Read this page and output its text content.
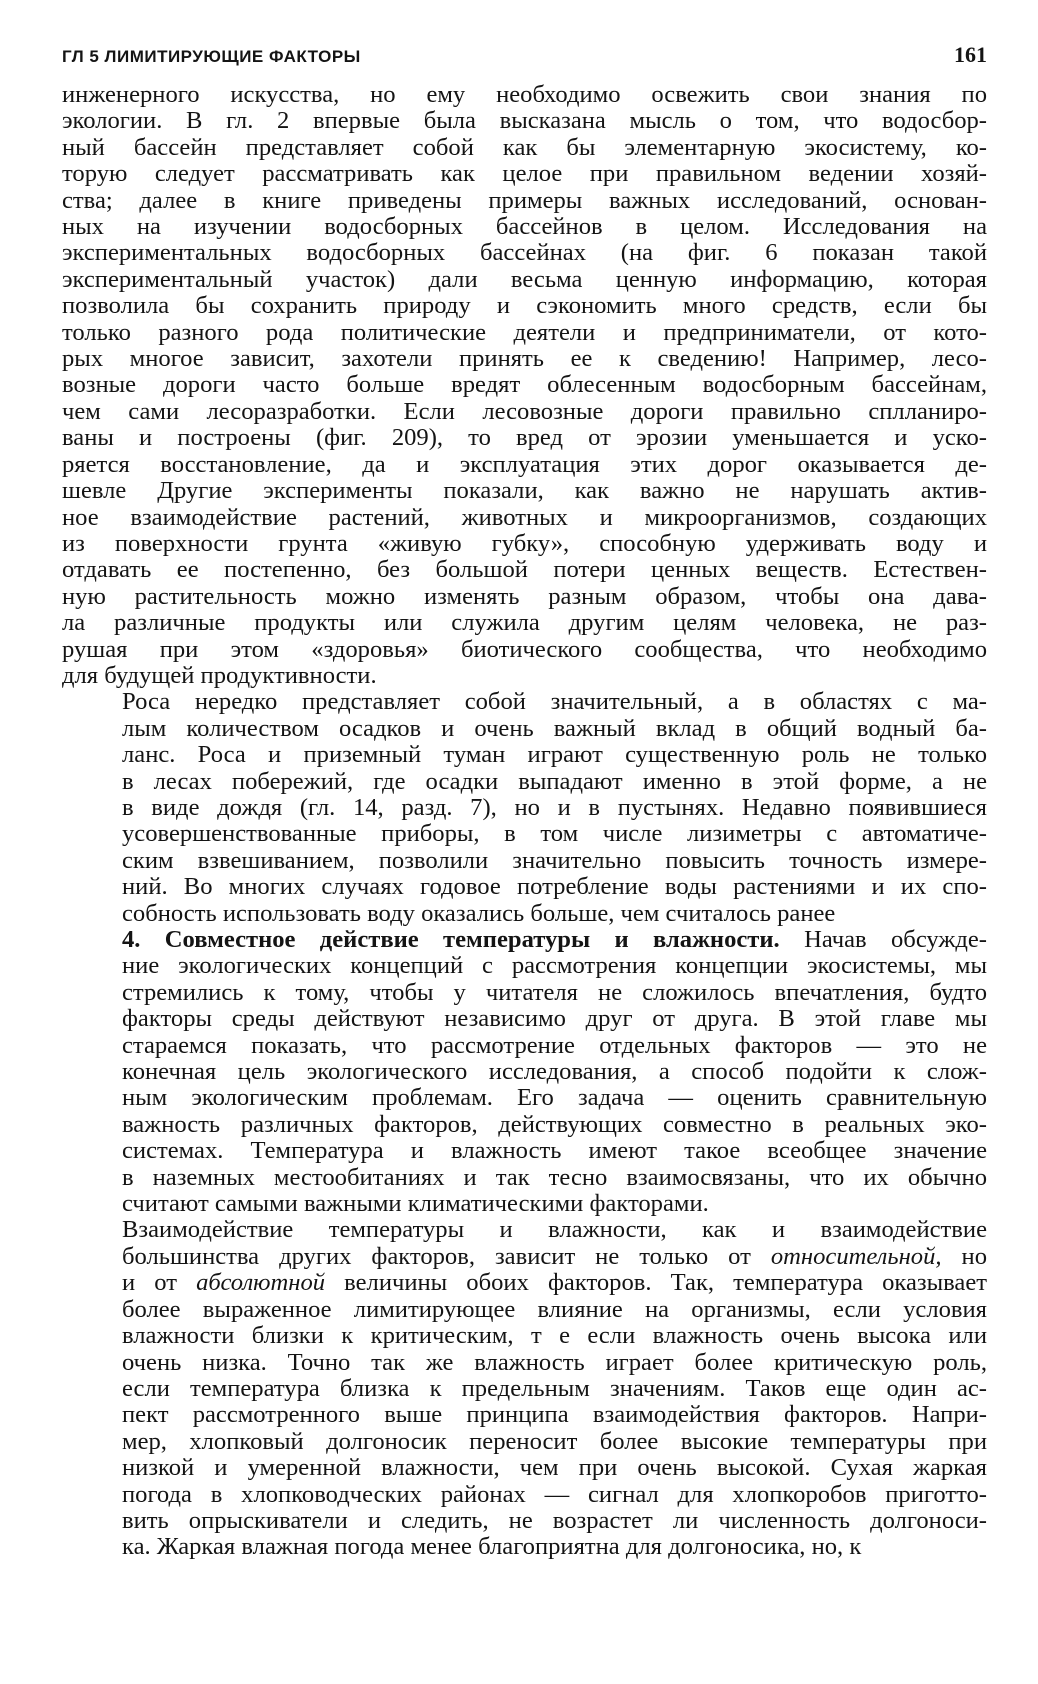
ГЛ 5 ЛИМИТИРУЮЩИЕ ФАКТОРЫ	161

инженерного искусства, но ему необходимо освежить свои знания по
экологии. В гл. 2 впервые была высказана мысль о том, что водосбор-
ный бассейн представляет собой как бы элементарную экосистему, ко-
торую следует рассматривать как целое при правильном ведении хозяй-
ства; далее в книге приведены примеры важных исследований, основан-
ных на изучении водосборных бассейнов в целом. Исследования на
экспериментальных водосборных бассейнах (на фиг. 6 показан такой
экспериментальный участок) дали весьма ценную информацию, которая
позволила бы сохранить природу и сэкономить много средств, если бы
только разного рода политические деятели и предприниматели, от кото-
рых многое зависит, захотели принять ее к сведению! Например, лесо-
возные дороги часто больше вредят облесенным водосборным бассейнам,
чем сами лесоразработки. Если лесовозные дороги правильно сплланиро-
ваны и построены (фиг. 209), то вред от эрозии уменьшается и уско-
ряется восстановление, да и эксплуатация этих дорог оказывается де-
шевле Другие эксперименты показали, как важно не нарушать актив-
ное взаимодействие растений, животных и микроорганизмов, создающих
из поверхности грунта «живую губку», способную удерживать воду и
отдавать ее постепенно, без большой потери ценных веществ. Естествен-
ную растительность можно изменять разным образом, чтобы она дава-
ла различные продукты или служила другим целям человека, не раз-
рушая при этом «здоровья» биотического сообщества, что необходимо
для будущей продуктивности.

Роса нередко представляет собой значительный, а в областях с ма-
лым количеством осадков и очень важный вклад в общий водный ба-
ланс. Роса и приземный туман играют существенную роль не только
в лесах побережий, где осадки выпадают именно в этой форме, а не
в виде дождя (гл. 14, разд. 7), но и в пустынях. Недавно появившиеся
усовершенствованные приборы, в том числе лизиметры с автоматиче-
ским взвешиванием, позволили значительно повысить точность измере-
ний. Во многих случаях годовое потребление воды растениями и их спо-
собность использовать воду оказались больше, чем считалось ранее

4. Совместное действие температуры и влажности. Начав обсужде-
ние экологических концепций с рассмотрения концепции экосистемы, мы
стремились к тому, чтобы у читателя не сложилось впечатления, будто
факторы среды действуют независимо друг от друга. В этой главе мы
стараемся показать, что рассмотрение отдельных факторов — это не
конечная цель экологического исследования, а способ подойти к слож-
ным экологическим проблемам. Его задача — оценить сравнительную
важность различных факторов, действующих совместно в реальных эко-
системах. Температура и влажность имеют такое всеобщее значение
в наземных местообитаниях и так тесно взаимосвязаны, что их обычно
считают самыми важными климатическими факторами.

Взаимодействие температуры и влажности, как и взаимодействие
большинства других факторов, зависит не только от относительной, но
и от абсолютной величины обоих факторов. Так, температура оказывает
более выраженное лимитирующее влияние на организмы, если условия
влажности близки к критическим, т е если влажность очень высока или
очень низка. Точно так же влажность играет более критическую роль,
если температура близка к предельным значениям. Таков еще один ас-
пект рассмотренного выше принципа взаимодействия факторов. Напри-
мер, хлопковый долгоносик переносит более высокие температуры при
низкой и умеренной влажности, чем при очень высокой. Сухая жаркая
погода в хлопководческих районах — сигнал для хлопкоробов приготто-
вить опрыскиватели и следить, не возрастет ли численность долгоноси-
ка. Жаркая влажная погода менее благоприятна для долгоносика, но, к
